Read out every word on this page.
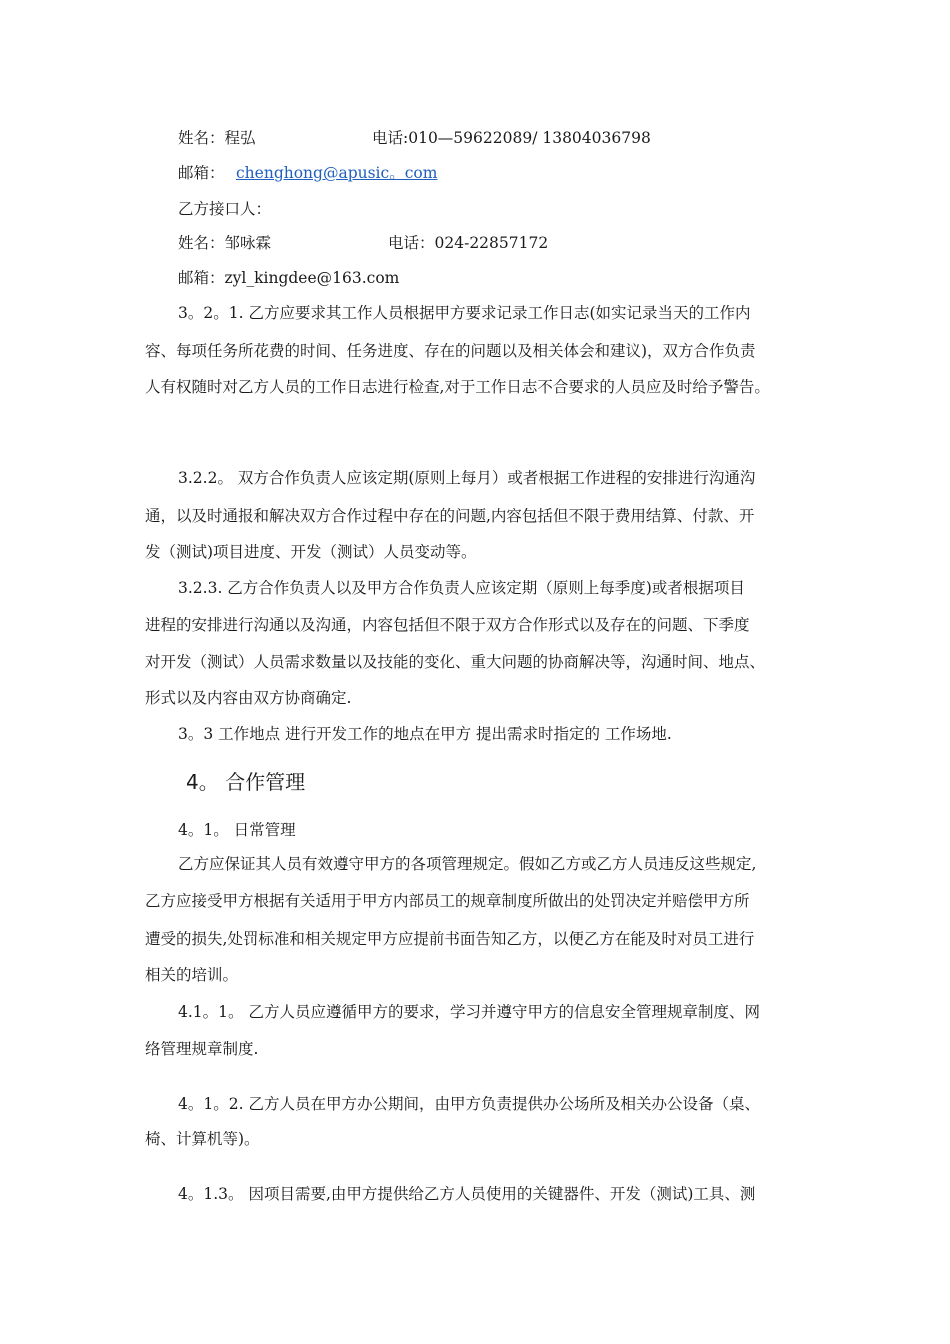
姓名：程弘	电话:010—59622089/ 13804036798
邮箱： chenghong@apusic。com
乙方接口人：
姓名：邹咏霖	电话：024-22857172
邮箱：zyl_kingdee@163.com
3。2。1. 乙方应要求其工作人员根据甲方要求记录工作日志(如实记录当天的工作内
容、每项任务所花费的时间、任务进度、存在的问题以及相关体会和建议)，双方合作负责
人有权随时对乙方人员的工作日志进行检查,对于工作日志不合要求的人员应及时给予警告。
3.2.2。 双方合作负责人应该定期(原则上每月）或者根据工作进程的安排进行沟通沟
通，以及时通报和解决双方合作过程中存在的问题,内容包括但不限于费用结算、付款、开
发（测试)项目进度、开发（测试）人员变动等。
3.2.3. 乙方合作负责人以及甲方合作负责人应该定期（原则上每季度)或者根据项目
进程的安排进行沟通以及沟通，内容包括但不限于双方合作形式以及存在的问题、下季度
对开发（测试）人员需求数量以及技能的变化、重大问题的协商解决等，沟通时间、地点、
形式以及内容由双方协商确定.
3。3 工作地点 进行开发工作的地点在甲方 提出需求时指定的 工作场地.
4。 合作管理
4。1。 日常管理
乙方应保证其人员有效遵守甲方的各项管理规定。假如乙方或乙方人员违反这些规定,
乙方应接受甲方根据有关适用于甲方内部员工的规章制度所做出的处罚决定并赔偿甲方所
遭受的损失,处罚标准和相关规定甲方应提前书面告知乙方，以便乙方在能及时对员工进行
相关的培训。
4.1。1。 乙方人员应遵循甲方的要求，学习并遵守甲方的信息安全管理规章制度、网
络管理规章制度.
4。1。2. 乙方人员在甲方办公期间，由甲方负责提供办公场所及相关办公设备（桌、
椅、计算机等)。
4。1.3。 因项目需要,由甲方提供给乙方人员使用的关键器件、开发（测试)工具、测
